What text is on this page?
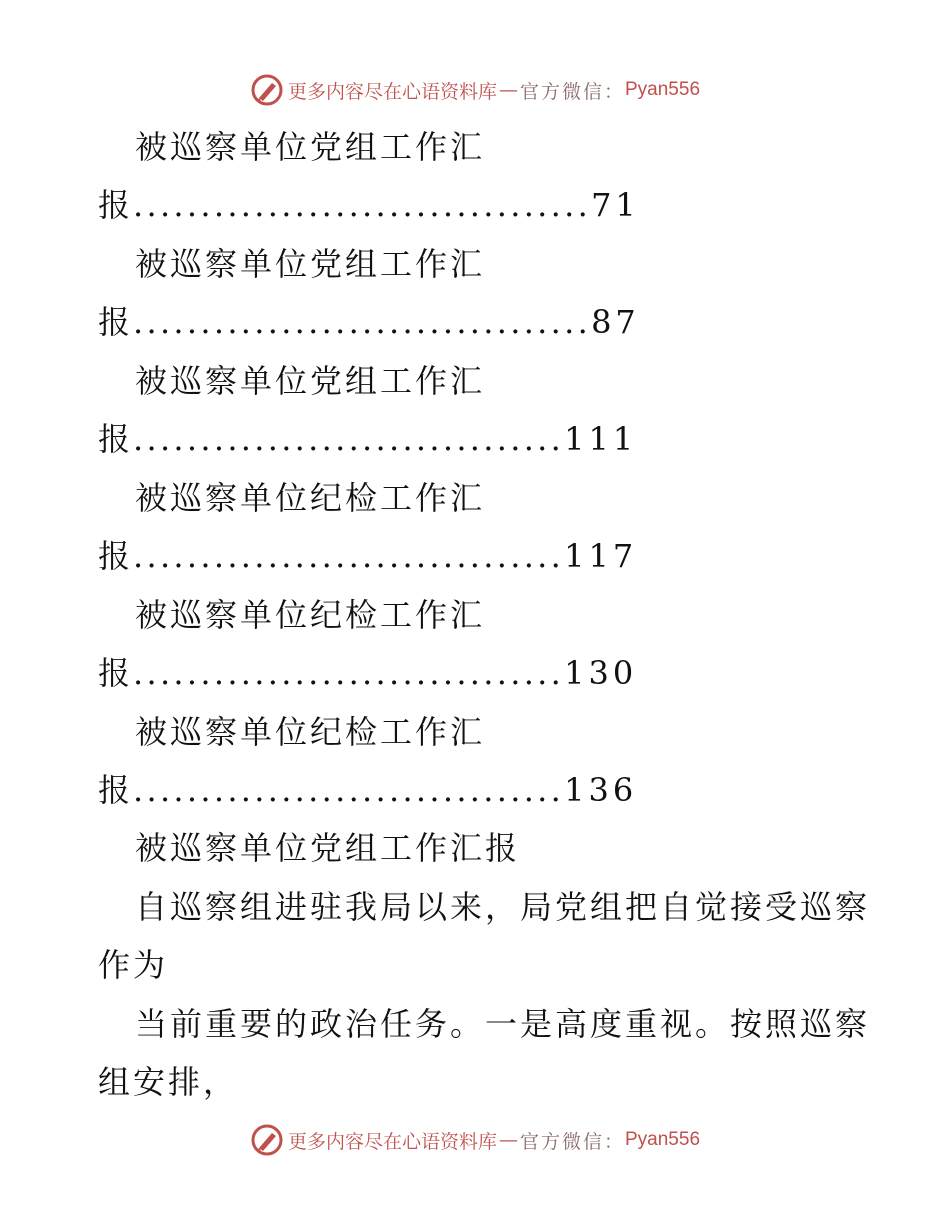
更多内容尽在心语资料库 — 官方微信： Pyan556
被巡察单位党组工作汇
报..................................71
被巡察单位党组工作汇
报..................................87
被巡察单位党组工作汇
报................................111
被巡察单位纪检工作汇
报................................117
被巡察单位纪检工作汇
报................................130
被巡察单位纪检工作汇
报................................136
被巡察单位党组工作汇报
自巡察组进驻我局以来，局党组把自觉接受巡察
作为
当前重要的政治任务。一是高度重视。按照巡察
组安排，
更多内容尽在心语资料库 — 官方微信： Pyan556
